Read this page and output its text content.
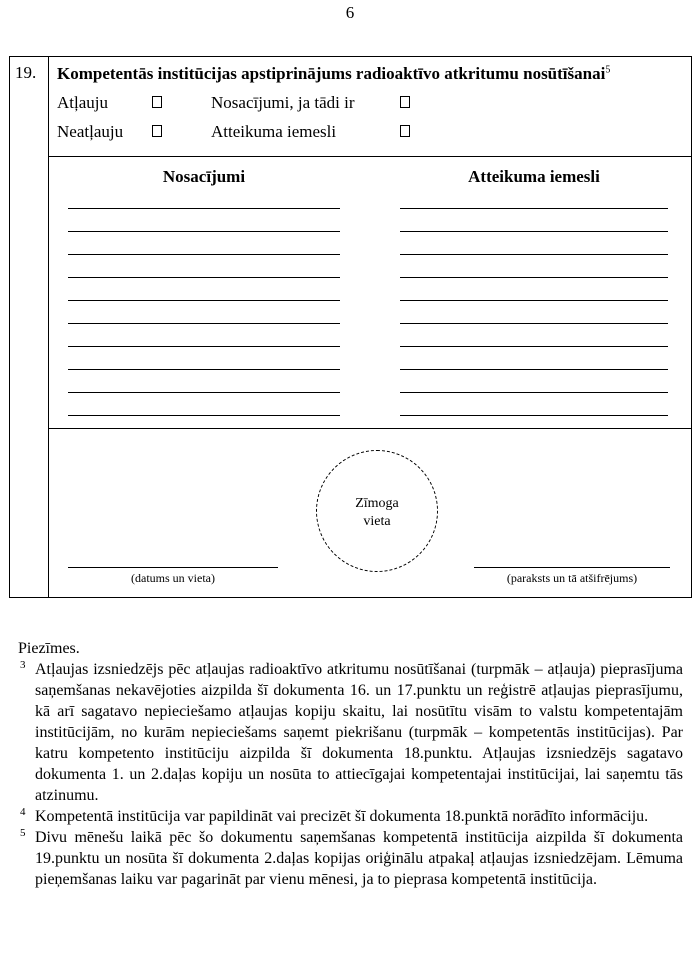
6
19. Kompetentās institūcijas apstiprinājums radioaktīvo atkritumu nosūtīšanai$^5$
Atļauju	Nosacījumi, ja tādi ir
Neatļauju	Atteikuma iemesli
Nosacījumi	Atteikuma iemesli
Zīmoga
vieta
(datums un vieta)	(paraksts un tā atšifrējums)

Piezīmes.

3 Atļaujas izsniedzējs pēc atļaujas radioaktīvo atkritumu nosūtīšanai (turpmāk – atļauja) pieprasījuma saņemšanas nekavējoties aizpilda šī dokumenta 16. un 17.punktu un reģistrē atļaujas pieprasījumu, kā arī sagatavo nepieciešamo atļaujas kopiju skaitu, lai nosūtītu visām to valstu kompetentajām institūcijām, no kurām nepieciešams saņemt piekrišanu (turpmāk – kompetentās institūcijas). Par katru kompetento institūciju aizpilda šī dokumenta 18.punktu. Atļaujas izsniedzējs sagatavo dokumenta 1. un 2.daļas kopiju un nosūta to attiecīgajai kompetentajai institūcijai, lai saņemtu tās atzinumu.

4 Kompetentā institūcija var papildināt vai precizēt šī dokumenta 18.punktā norādīto informāciju.

5 Divu mēnešu laikā pēc šo dokumentu saņemšanas kompetentā institūcija aizpilda šī dokumenta 19.punktu un nosūta šī dokumenta 2.daļas kopijas oriģinālu atpakaļ atļaujas izsniedzējam. Lēmuma pieņemšanas laiku var pagarināt par vienu mēnesi, ja to pieprasa kompetentā institūcija.
